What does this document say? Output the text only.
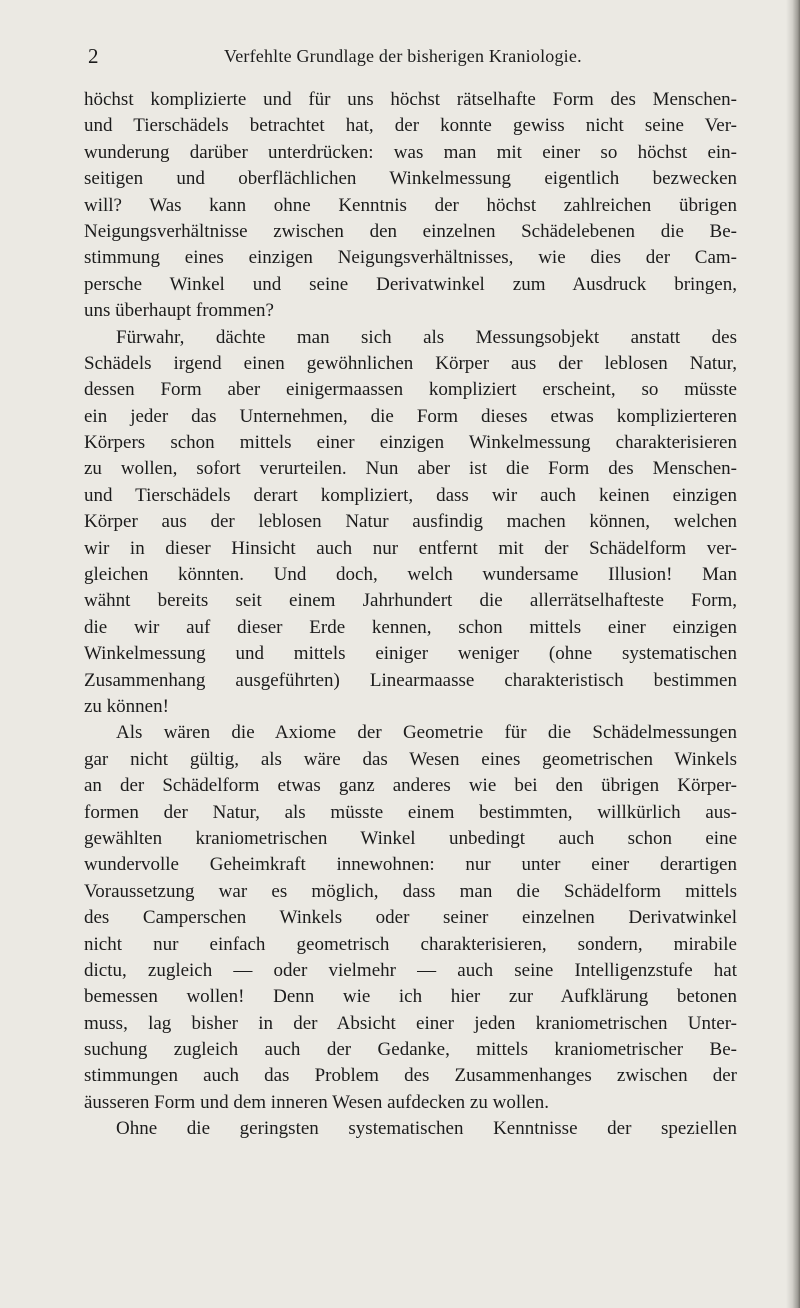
2	Verfehlte Grundlage der bisherigen Kraniologie.
höchst komplizierte und für uns höchst rätselhafte Form des Menschen-
und Tierschädels betrachtet hat, der konnte gewiss nicht seine Ver-
wunderung darüber unterdrücken: was man mit einer so höchst ein-
seitigen und oberflächlichen Winkelmessung eigentlich bezwecken
will? Was kann ohne Kenntnis der höchst zahlreichen übrigen
Neigungsverhältnisse zwischen den einzelnen Schädelebenen die Be-
stimmung eines einzigen Neigungsverhältnisses, wie dies der Cam-
persche Winkel und seine Derivatwinkel zum Ausdruck bringen,
uns überhaupt frommen?
Fürwahr, dächte man sich als Messungsobjekt anstatt des
Schädels irgend einen gewöhnlichen Körper aus der leblosen Natur,
dessen Form aber einigermaassen kompliziert erscheint, so müsste
ein jeder das Unternehmen, die Form dieses etwas komplizierteren
Körpers schon mittels einer einzigen Winkelmessung charakterisieren
zu wollen, sofort verurteilen. Nun aber ist die Form des Menschen-
und Tierschädels derart kompliziert, dass wir auch keinen einzigen
Körper aus der leblosen Natur ausfindig machen können, welchen
wir in dieser Hinsicht auch nur entfernt mit der Schädelform ver-
gleichen könnten. Und doch, welch wundersame Illusion! Man
wähnt bereits seit einem Jahrhundert die allerrätselhafteste Form,
die wir auf dieser Erde kennen, schon mittels einer einzigen
Winkelmessung und mittels einiger weniger (ohne systematischen
Zusammenhang ausgeführten) Linearmaasse charakteristisch bestimmen
zu können!
Als wären die Axiome der Geometrie für die Schädelmessungen
gar nicht gültig, als wäre das Wesen eines geometrischen Winkels
an der Schädelform etwas ganz anderes wie bei den übrigen Körper-
formen der Natur, als müsste einem bestimmten, willkürlich aus-
gewählten kraniometrischen Winkel unbedingt auch schon eine
wundervolle Geheimkraft innewohnen: nur unter einer derartigen
Voraussetzung war es möglich, dass man die Schädelform mittels
des Camperschen Winkels oder seiner einzelnen Derivatwinkel
nicht nur einfach geometrisch charakterisieren, sondern, mirabile
dictu, zugleich — oder vielmehr — auch seine Intelligenzstufe hat
bemessen wollen! Denn wie ich hier zur Aufklärung betonen
muss, lag bisher in der Absicht einer jeden kraniometrischen Unter-
suchung zugleich auch der Gedanke, mittels kraniometrischer Be-
stimmungen auch das Problem des Zusammenhanges zwischen der
äusseren Form und dem inneren Wesen aufdecken zu wollen.
Ohne die geringsten systematischen Kenntnisse der speziellen
